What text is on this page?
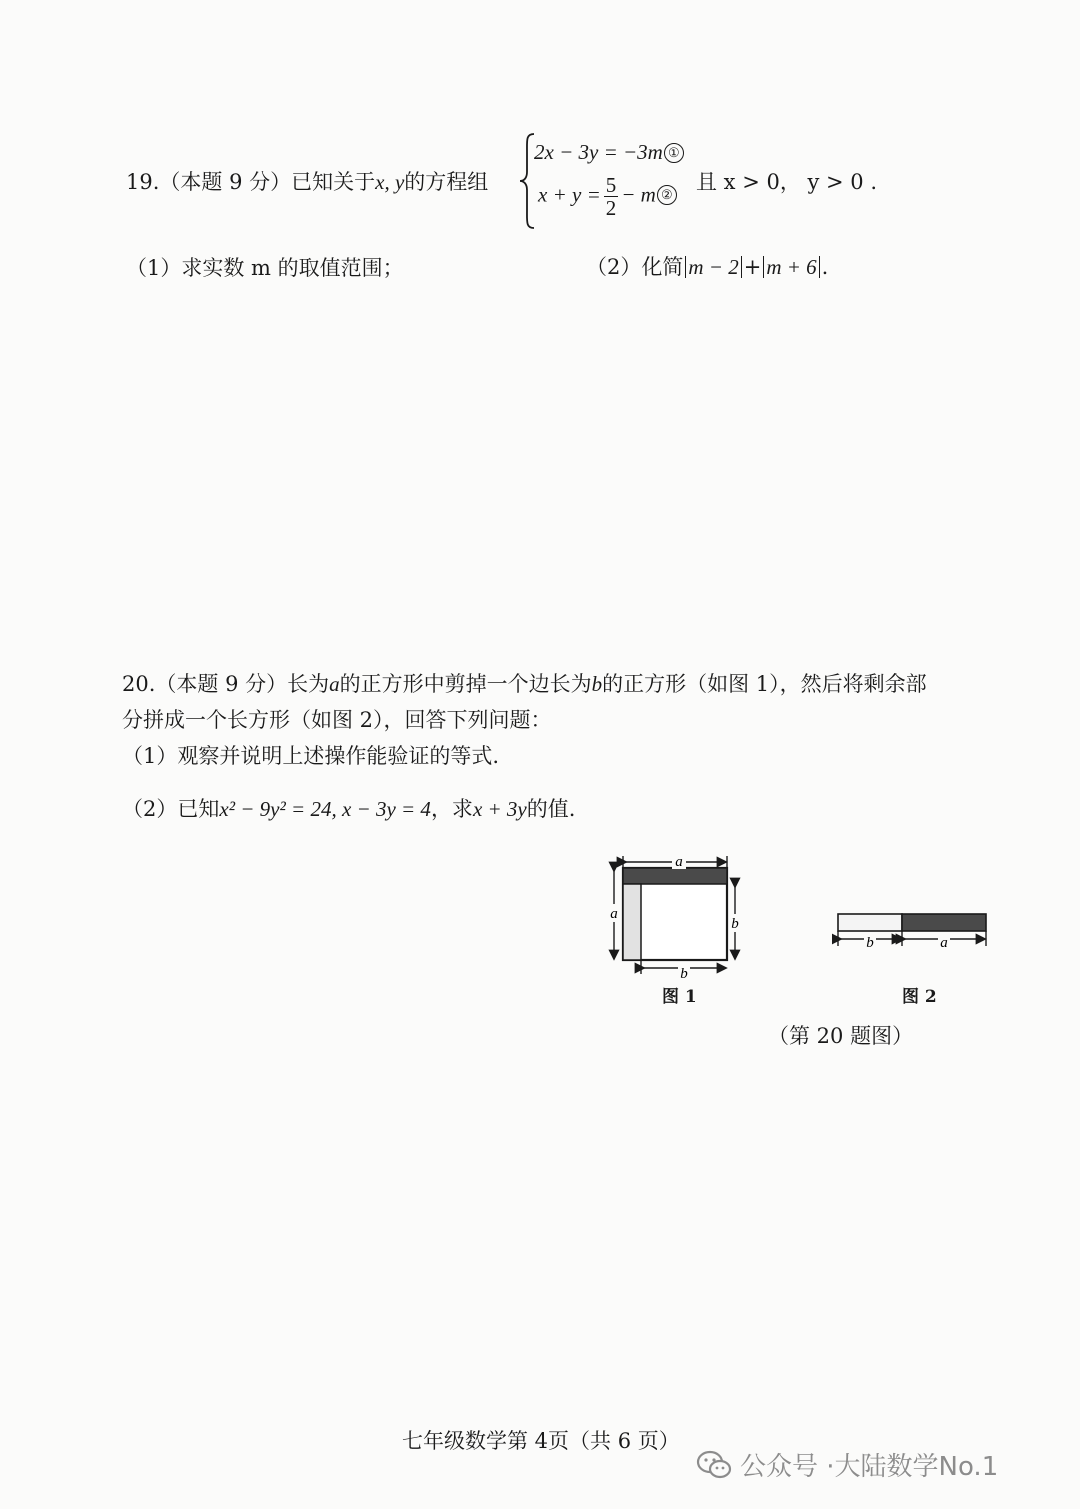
19.（本题 9 分）已知关于x, y的方程组
2x − 3y = −3m ①
$x + y = \frac{5}{2} - m$ ②
且 x > 0， y > 0 .
（1）求实数 m 的取值范围；	（2）化简 m − 2 + m + 6 .
20.（本题 9 分）长为a的正方形中剪掉一个边长为b的正方形（如图 1），然后将剩余部
分拼成一个长方形（如图 2），回答下列问题：
（1）观察并说明上述操作能验证的等式.
（2）已知x² − 9y² = 24, x − 3y = 4，求x + 3y的值.
a
a
b
b
图 1
b	a
图 2
（第 20 题图）
七年级数学第 4页（共 6 页）
公众号 · 大陆数学No.1
